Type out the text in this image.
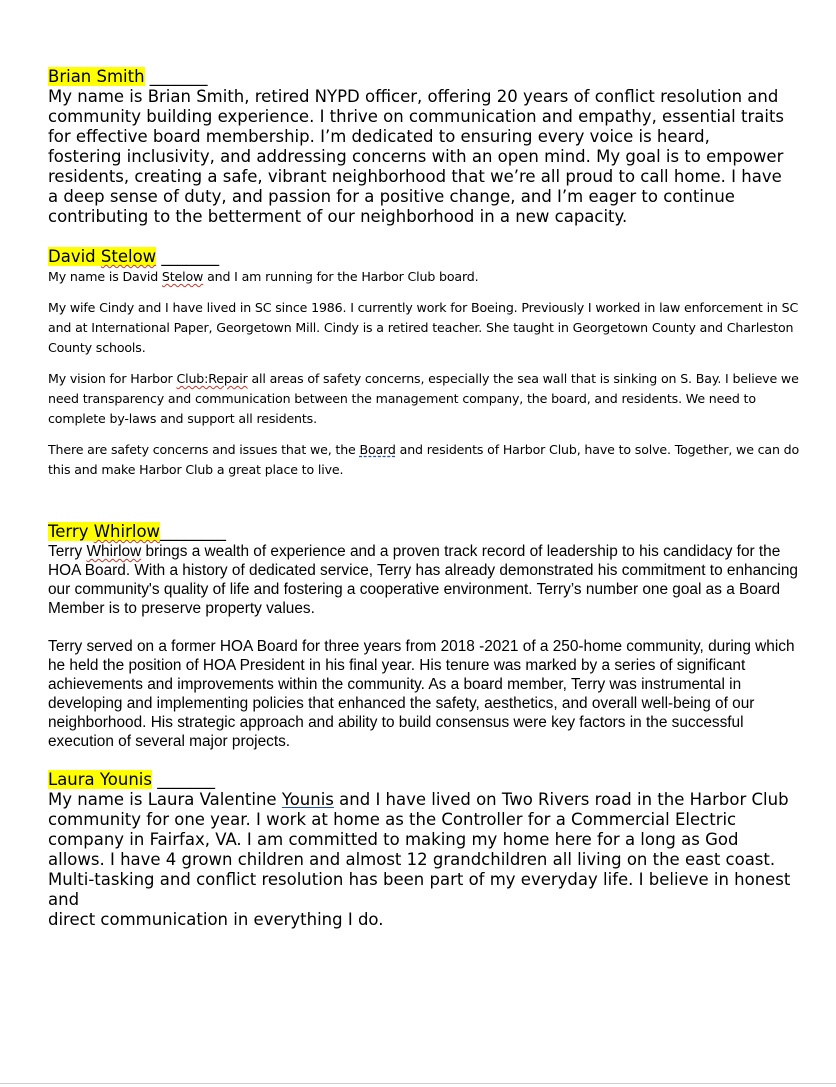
Brian Smith _______

My name is Brian Smith, retired NYPD officer, offering 20 years of conflict resolution and community building experience. I thrive on communication and empathy, essential traits for effective board membership. I’m dedicated to ensuring every voice is heard, fostering inclusivity, and addressing concerns with an open mind. My goal is to empower residents, creating a safe, vibrant neighborhood that we’re all proud to call home. I have a deep sense of duty, and passion for a positive change, and I’m eager to continue contributing to the betterment of our neighborhood in a new capacity.

David Stelow _______

My name is David Stelow and I am running for the Harbor Club board.

My wife Cindy and I have lived in SC since 1986. I currently work for Boeing. Previously I worked in law enforcement in SC and at International Paper, Georgetown Mill. Cindy is a retired teacher. She taught in Georgetown County and Charleston County schools.

My vision for Harbor Club:Repair all areas of safety concerns, especially the sea wall that is sinking on S. Bay. I believe we need transparency and communication between the management company, the board, and residents. We need to complete by-laws and support all residents.

There are safety concerns and issues that we, the Board and residents of Harbor Club, have to solve. Together, we can do this and make Harbor Club a great place to live.

Terry Whirlow________

Terry Whirlow brings a wealth of experience and a proven track record of leadership to his candidacy for the HOA Board. With a history of dedicated service, Terry has already demonstrated his commitment to enhancing our community's quality of life and fostering a cooperative environment. Terry’s number one goal as a Board Member is to preserve property values.

Terry served on a former HOA Board for three years from 2018 -2021 of a 250-home community, during which he held the position of HOA President in his final year. His tenure was marked by a series of significant achievements and improvements within the community. As a board member, Terry was instrumental in developing and implementing policies that enhanced the safety, aesthetics, and overall well-being of our neighborhood. His strategic approach and ability to build consensus were key factors in the successful execution of several major projects.

Laura Younis _______

My name is Laura Valentine Younis and I have lived on Two Rivers road in the Harbor Club community for one year. I work at home as the Controller for a Commercial Electric company in Fairfax, VA. I am committed to making my home here for a long as God allows. I have 4 grown children and almost 12 grandchildren all living on the east coast. Multi-tasking and conflict resolution has been part of my everyday life. I believe in honest and

direct communication in everything I do.
